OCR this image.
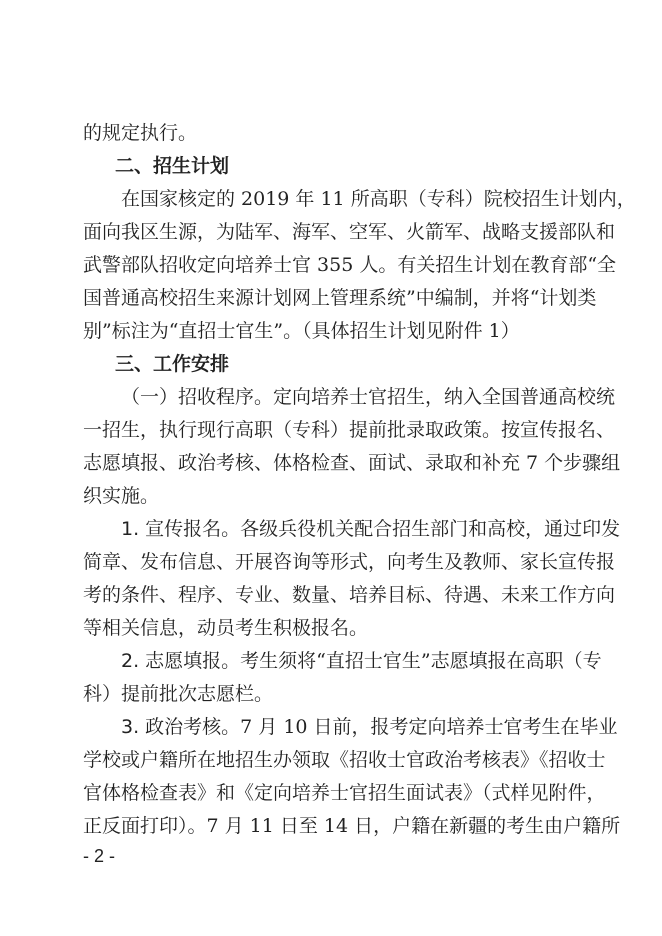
的规定执行。
二、招生计划
在国家核定的 2019 年 11 所高职（专科）院校招生计划内，
面向我区生源，为陆军、海军、空军、火箭军、战略支援部队和
武警部队招收定向培养士官 355 人。有关招生计划在教育部“全
国普通高校招生来源计划网上管理系统”中编制，并将“计划类
别”标注为“直招士官生”。（具体招生计划见附件 1）
三、工作安排
（一）招收程序。定向培养士官招生，纳入全国普通高校统
一招生，执行现行高职（专科）提前批录取政策。按宣传报名、
志愿填报、政治考核、体格检查、面试、录取和补充 7 个步骤组
织实施。
1. 宣传报名。各级兵役机关配合招生部门和高校，通过印发
简章、发布信息、开展咨询等形式，向考生及教师、家长宣传报
考的条件、程序、专业、数量、培养目标、待遇、未来工作方向
等相关信息，动员考生积极报名。
2. 志愿填报。考生须将“直招士官生”志愿填报在高职（专
科）提前批次志愿栏。
3. 政治考核。7 月 10 日前，报考定向培养士官考生在毕业
学校或户籍所在地招生办领取《招收士官政治考核表》《招收士
官体格检查表》和《定向培养士官招生面试表》（式样见附件，
正反面打印）。7 月 11 日至 14 日，户籍在新疆的考生由户籍所
- 2 -
